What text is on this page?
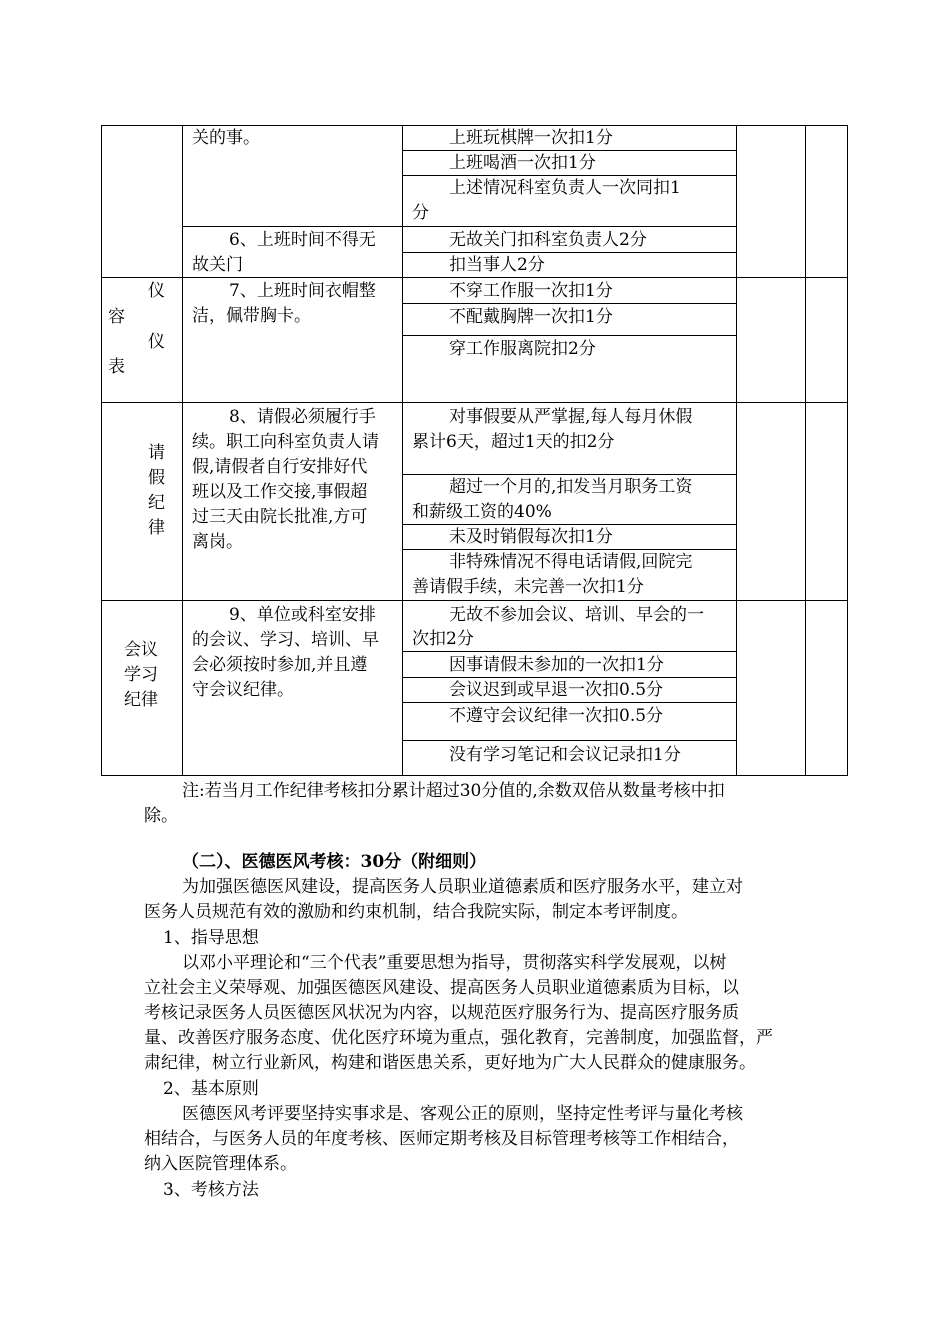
关的事。	上班玩棋牌一次扣1分
上班喝酒一次扣1分
上述情况科室负责人一次同扣1
分
6、上班时间不得无
故关门
无故关门扣科室负责人2分
扣当事人2分
仪
容
仪
表
7、上班时间衣帽整
洁，佩带胸卡。
不穿工作服一次扣1分
不配戴胸牌一次扣1分
穿工作服离院扣2分
请
假
纪
律
8、请假必须履行手
续。职工向科室负责人请
假,请假者自行安排好代
班以及工作交接,事假超
过三天由院长批准,方可
离岗。
对事假要从严掌握,每人每月休假
累计6天，超过1天的扣2分
超过一个月的,扣发当月职务工资
和薪级工资的40%
未及时销假每次扣1分
非特殊情况不得电话请假,回院完
善请假手续，未完善一次扣1分
会议
学习
纪律
9、单位或科室安排
的会议、学习、培训、早
会必须按时参加,并且遵
守会议纪律。
无故不参加会议、培训、早会的一
次扣2分
因事请假未参加的一次扣1分
会议迟到或早退一次扣0.5分
不遵守会议纪律一次扣0.5分
没有学习笔记和会议记录扣1分
注:若当月工作纪律考核扣分累计超过30分值的,余数双倍从数量考核中扣
除。
（二）、医德医风考核：30分（附细则）
为加强医德医风建设，提高医务人员职业道德素质和医疗服务水平，建立对
医务人员规范有效的激励和约束机制，结合我院实际，制定本考评制度。
1、指导思想
以邓小平理论和“三个代表”重要思想为指导，贯彻落实科学发展观，以树
立社会主义荣辱观、加强医德医风建设、提高医务人员职业道德素质为目标，以
考核记录医务人员医德医风状况为内容，以规范医疗服务行为、提高医疗服务质
量、改善医疗服务态度、优化医疗环境为重点，强化教育，完善制度，加强监督，严
肃纪律，树立行业新风，构建和谐医患关系，更好地为广大人民群众的健康服务。
2、基本原则
医德医风考评要坚持实事求是、客观公正的原则，坚持定性考评与量化考核
相结合，与医务人员的年度考核、医师定期考核及目标管理考核等工作相结合，
纳入医院管理体系。
3、考核方法
